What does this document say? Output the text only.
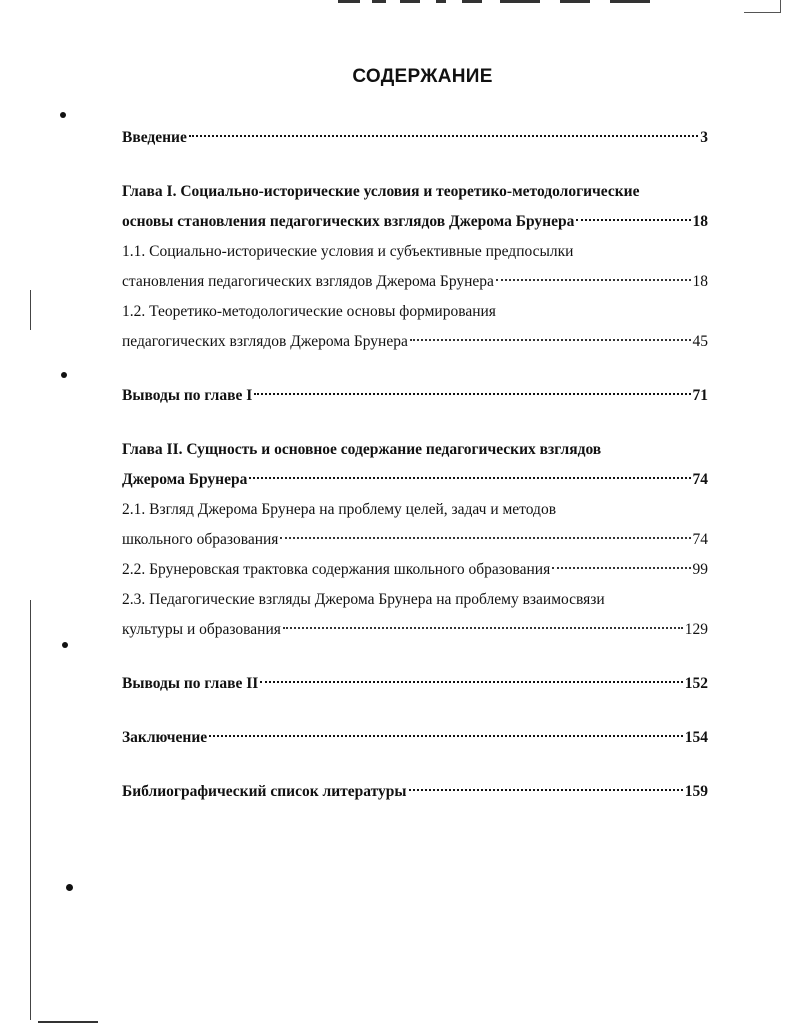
СОДЕРЖАНИЕ
Введение	3
Глава I. Социально-исторические условия и теоретико-методологические
основы становления педагогических взглядов Джерома Брунера	18
1.1. Социально-исторические условия и субъективные предпосылки
становления педагогических взглядов Джерома Брунера	18
1.2. Теоретико-методологические основы формирования
педагогических взглядов Джерома Брунера	45
Выводы по главе I	71
Глава II. Сущность и основное содержание педагогических взглядов
Джерома Брунера	74
2.1. Взгляд Джерома Брунера на проблему целей, задач и методов
школьного образования	74
2.2. Брунеровская трактовка содержания школьного образования	99
2.3. Педагогические взгляды Джерома Брунера на проблему взаимосвязи
культуры и образования	129
Выводы по главе II	152
Заключение	154
Библиографический список литературы	159
